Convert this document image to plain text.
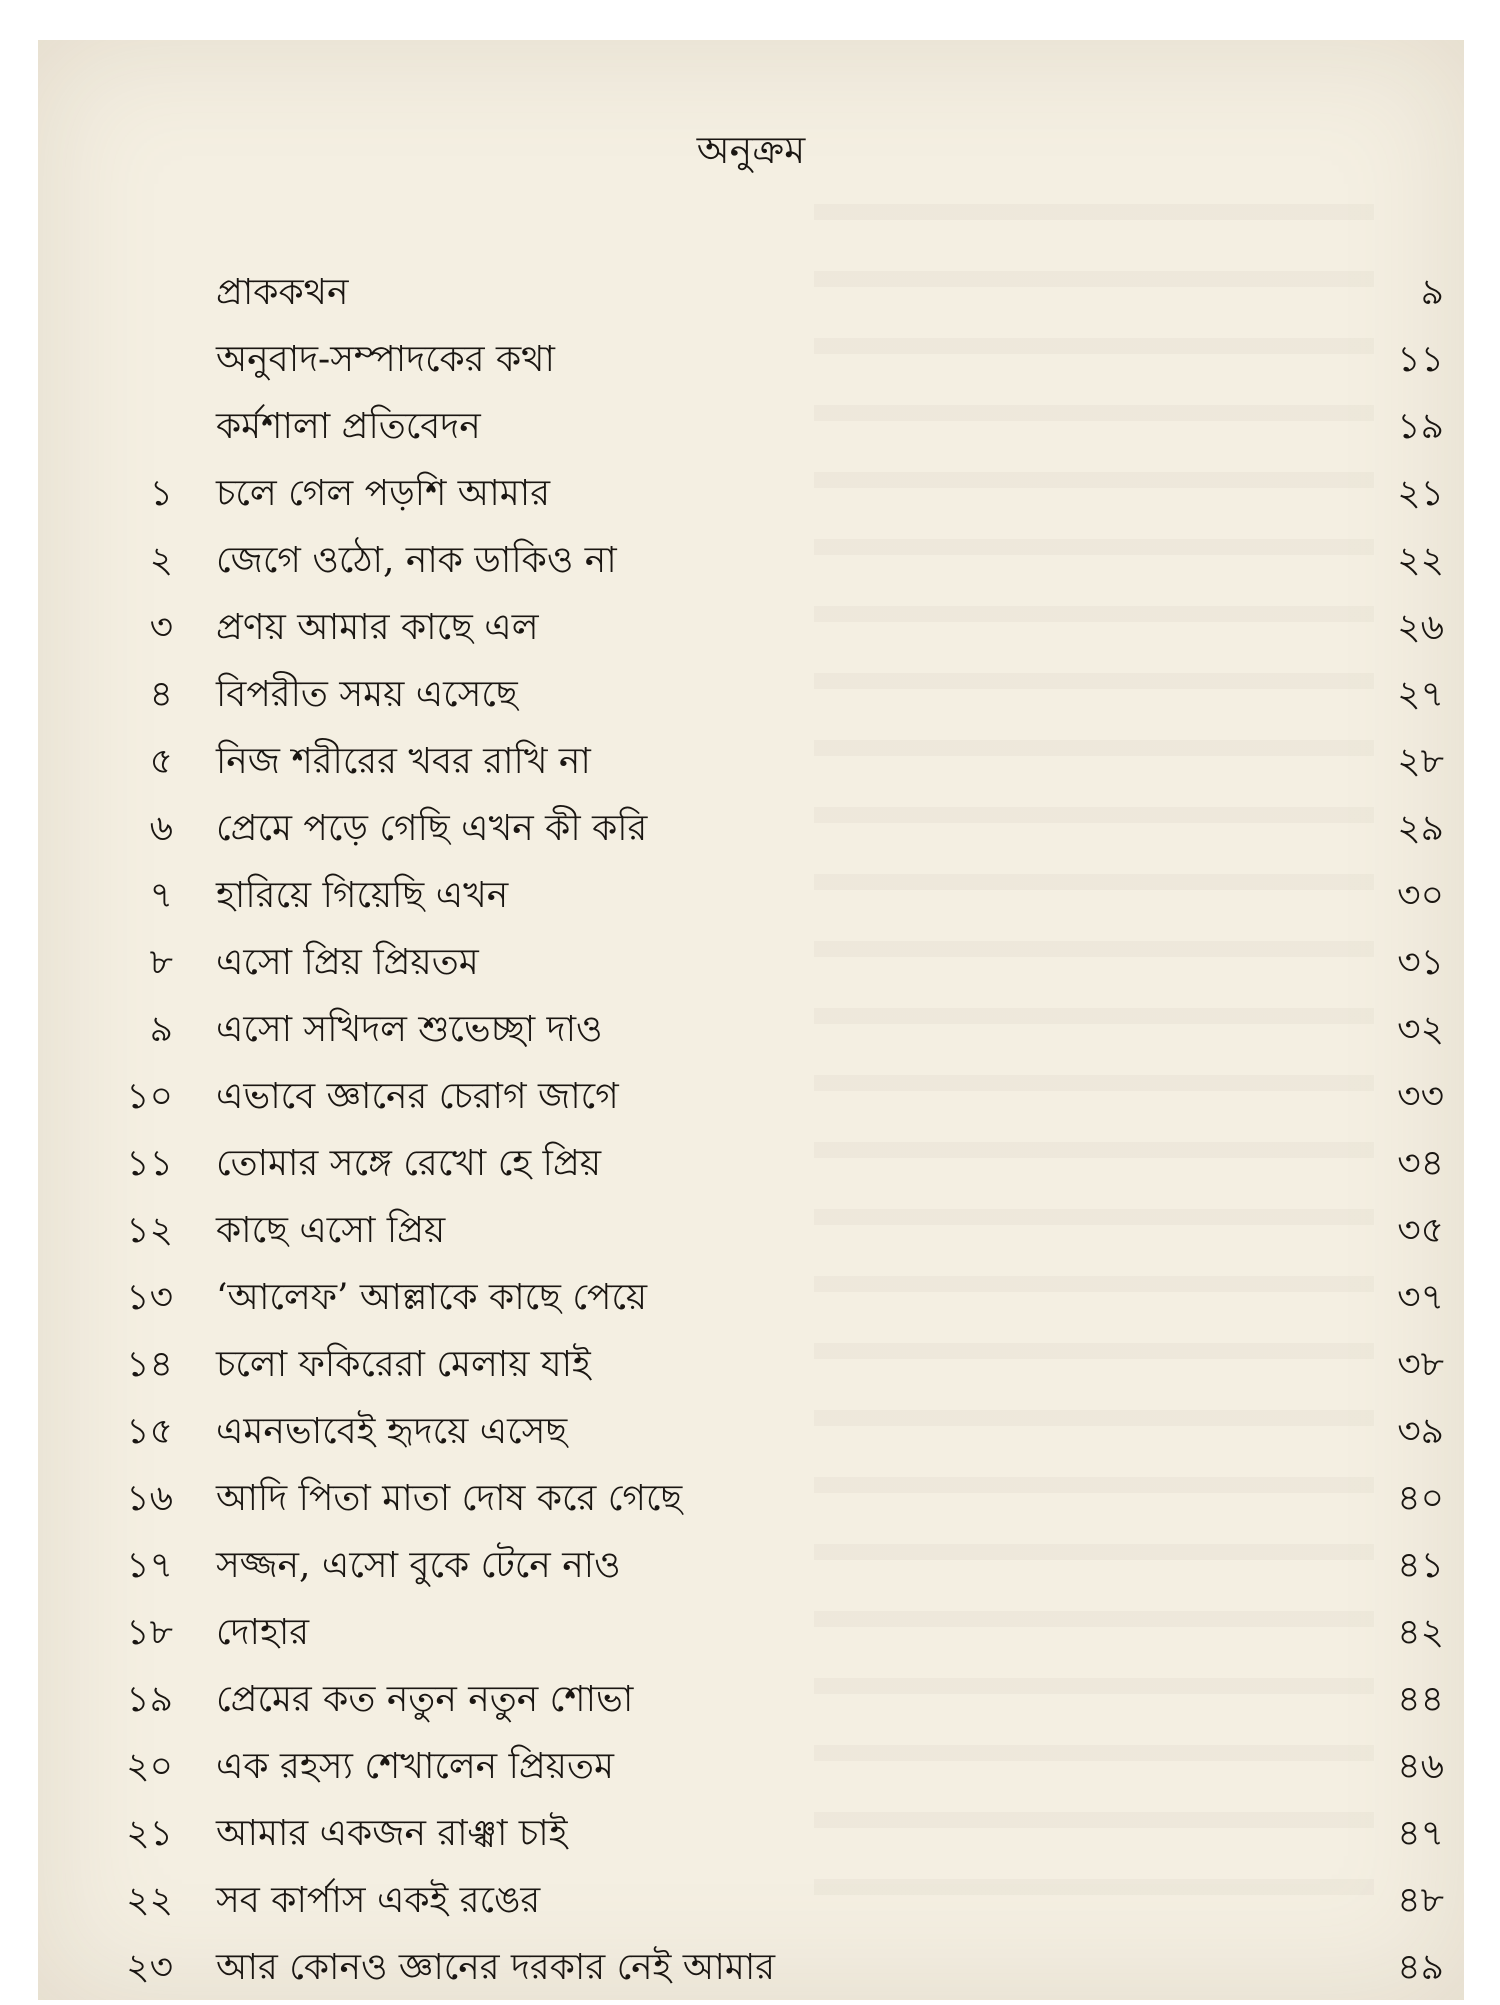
অনুক্রম
প্রাককথন	৯
অনুবাদ-সম্পাদকের কথা	১১
কর্মশালা প্রতিবেদন	১৯
১ চলে গেল পড়শি আমার	২১
২ জেগে ওঠো, নাক ডাকিও না	২২
৩ প্রণয় আমার কাছে এল	২৬
৪ বিপরীত সময় এসেছে	২৭
৫ নিজ শরীরের খবর রাখি না	২৮
৬ প্রেমে পড়ে গেছি এখন কী করি	২৯
৭ হারিয়ে গিয়েছি এখন	৩০
৮ এসো প্রিয় প্রিয়তম	৩১
৯ এসো সখিদল শুভেচ্ছা দাও	৩২
১০ এভাবে জ্ঞানের চেরাগ জাগে	৩৩
১১ তোমার সঙ্গে রেখো হে প্রিয়	৩৪
১২ কাছে এসো প্রিয়	৩৫
১৩ ‘আলেফ’ আল্লাকে কাছে পেয়ে	৩৭
১৪ চলো ফকিরেরা মেলায় যাই	৩৮
১৫ এমনভাবেই হৃদয়ে এসেছ	৩৯
১৬ আদি পিতা মাতা দোষ করে গেছে	৪০
১৭ সজ্জন, এসো বুকে টেনে নাও	৪১
১৮ দোহার	৪২
১৯ প্রেমের কত নতুন নতুন শোভা	৪৪
২০ এক রহস্য শেখালেন প্রিয়তম	৪৬
২১ আমার একজন রাঞ্ঝা চাই	৪৭
২২ সব কার্পাস একই রঙের	৪৮
২৩ আর কোনও জ্ঞানের দরকার নেই আমার	৪৯
